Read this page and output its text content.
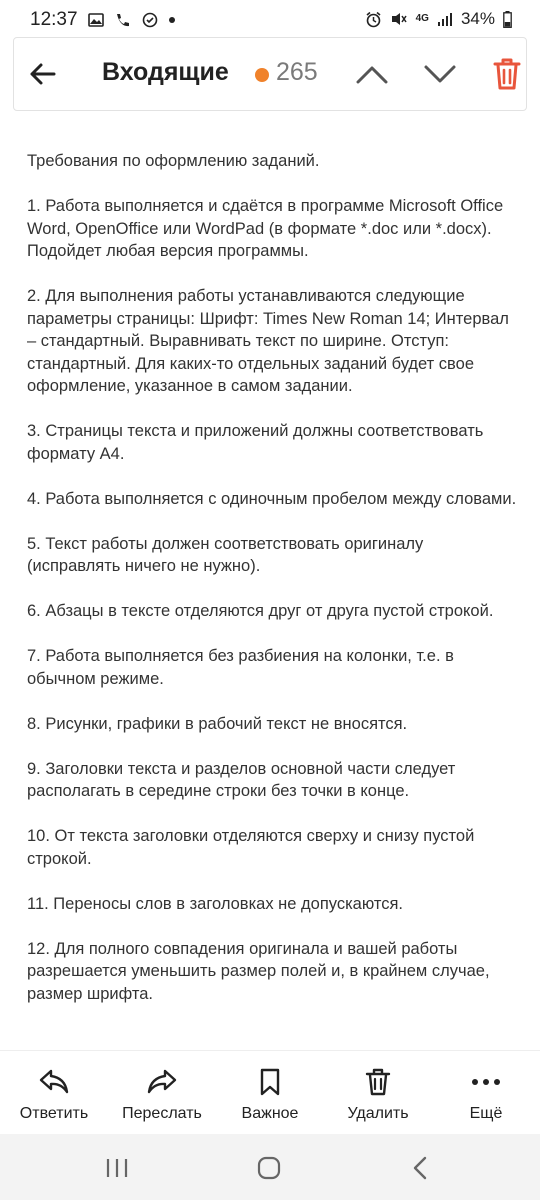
12:37	4G 34%
Входящие 265

Требования по оформлению заданий.

1. Работа выполняется и сдаётся в программе Microsoft Office Word, OpenOffice или WordPad (в формате *.doc или *.docx). Подойдет любая версия программы.

2. Для выполнения работы устанавливаются следующие параметры страницы: Шрифт: Times New Roman 14; Интервал – стандартный. Выравнивать текст по ширине. Отступ: стандартный. Для каких-то отдельных заданий будет свое оформление, указанное в самом задании.

3. Страницы текста и приложений должны соответствовать формату А4.

4. Работа выполняется с одиночным пробелом между словами.

5. Текст работы должен соответствовать оригиналу (исправлять ничего не нужно).

6. Абзацы в тексте отделяются друг от друга пустой строкой.

7. Работа выполняется без разбиения на колонки, т.е. в обычном режиме.

8. Рисунки, графики в рабочий текст не вносятся.

9. Заголовки текста и разделов основной части следует располагать в середине строки без точки в конце.

10. От текста заголовки отделяются сверху и снизу пустой строкой.

11. Переносы слов в заголовках не допускаются.

12. Для полного совпадения оригинала и вашей работы разрешается уменьшить размер полей и, в крайнем случае, размер шрифта.

Ответить Переслать Важное	Удалить	Ещё
